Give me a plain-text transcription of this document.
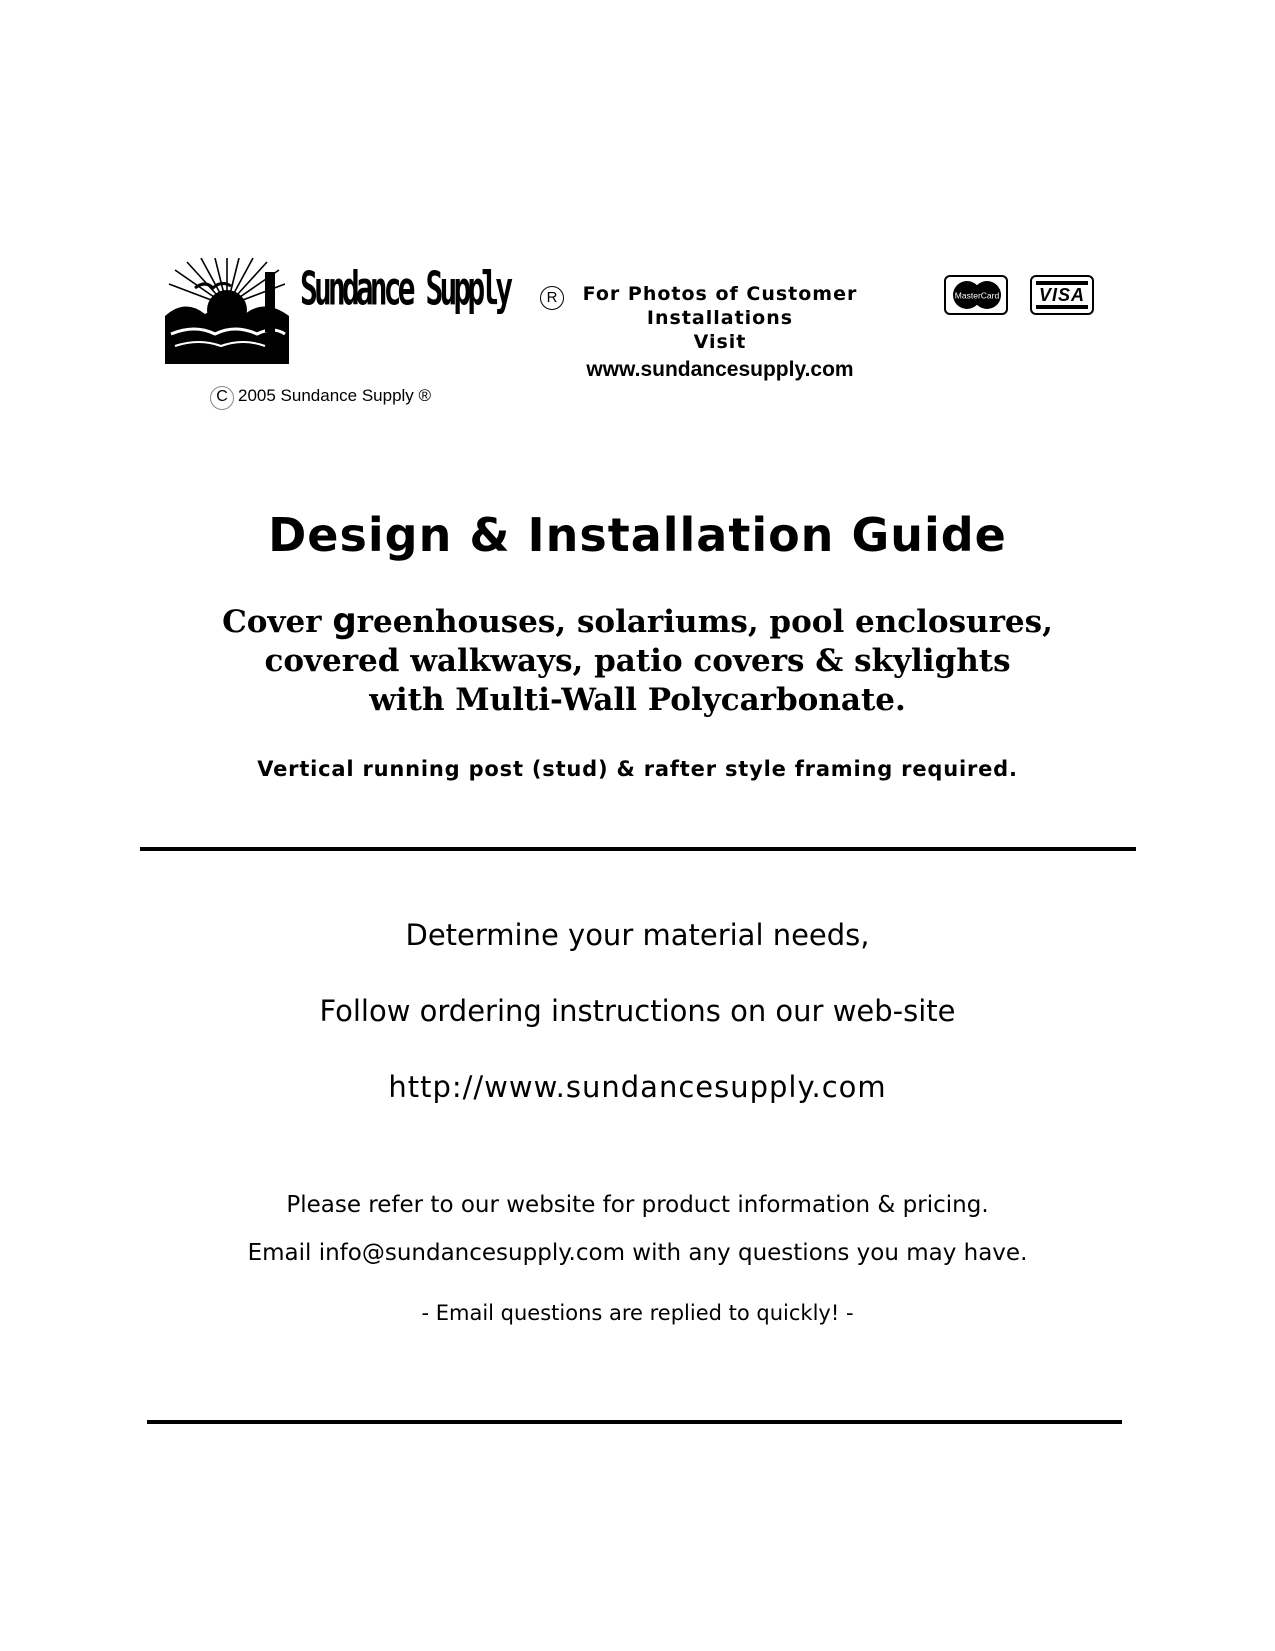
Sundance Supply	R
C 2005 Sundance Supply ®
For Photos of Customer
Installations
Visit
www.sundancesupply.com
MasterCard VISA
Design & Installation Guide
Cover greenhouses, solariums, pool enclosures,
covered walkways, patio covers & skylights
with Multi-Wall Polycarbonate.
Vertical running post (stud) & rafter style framing required.
Determine your material needs,
Follow ordering instructions on our web-site
http://www.sundancesupply.com
Please refer to our website for product information & pricing.
Email info@sundancesupply.com with any questions you may have.
- Email questions are replied to quickly! -
